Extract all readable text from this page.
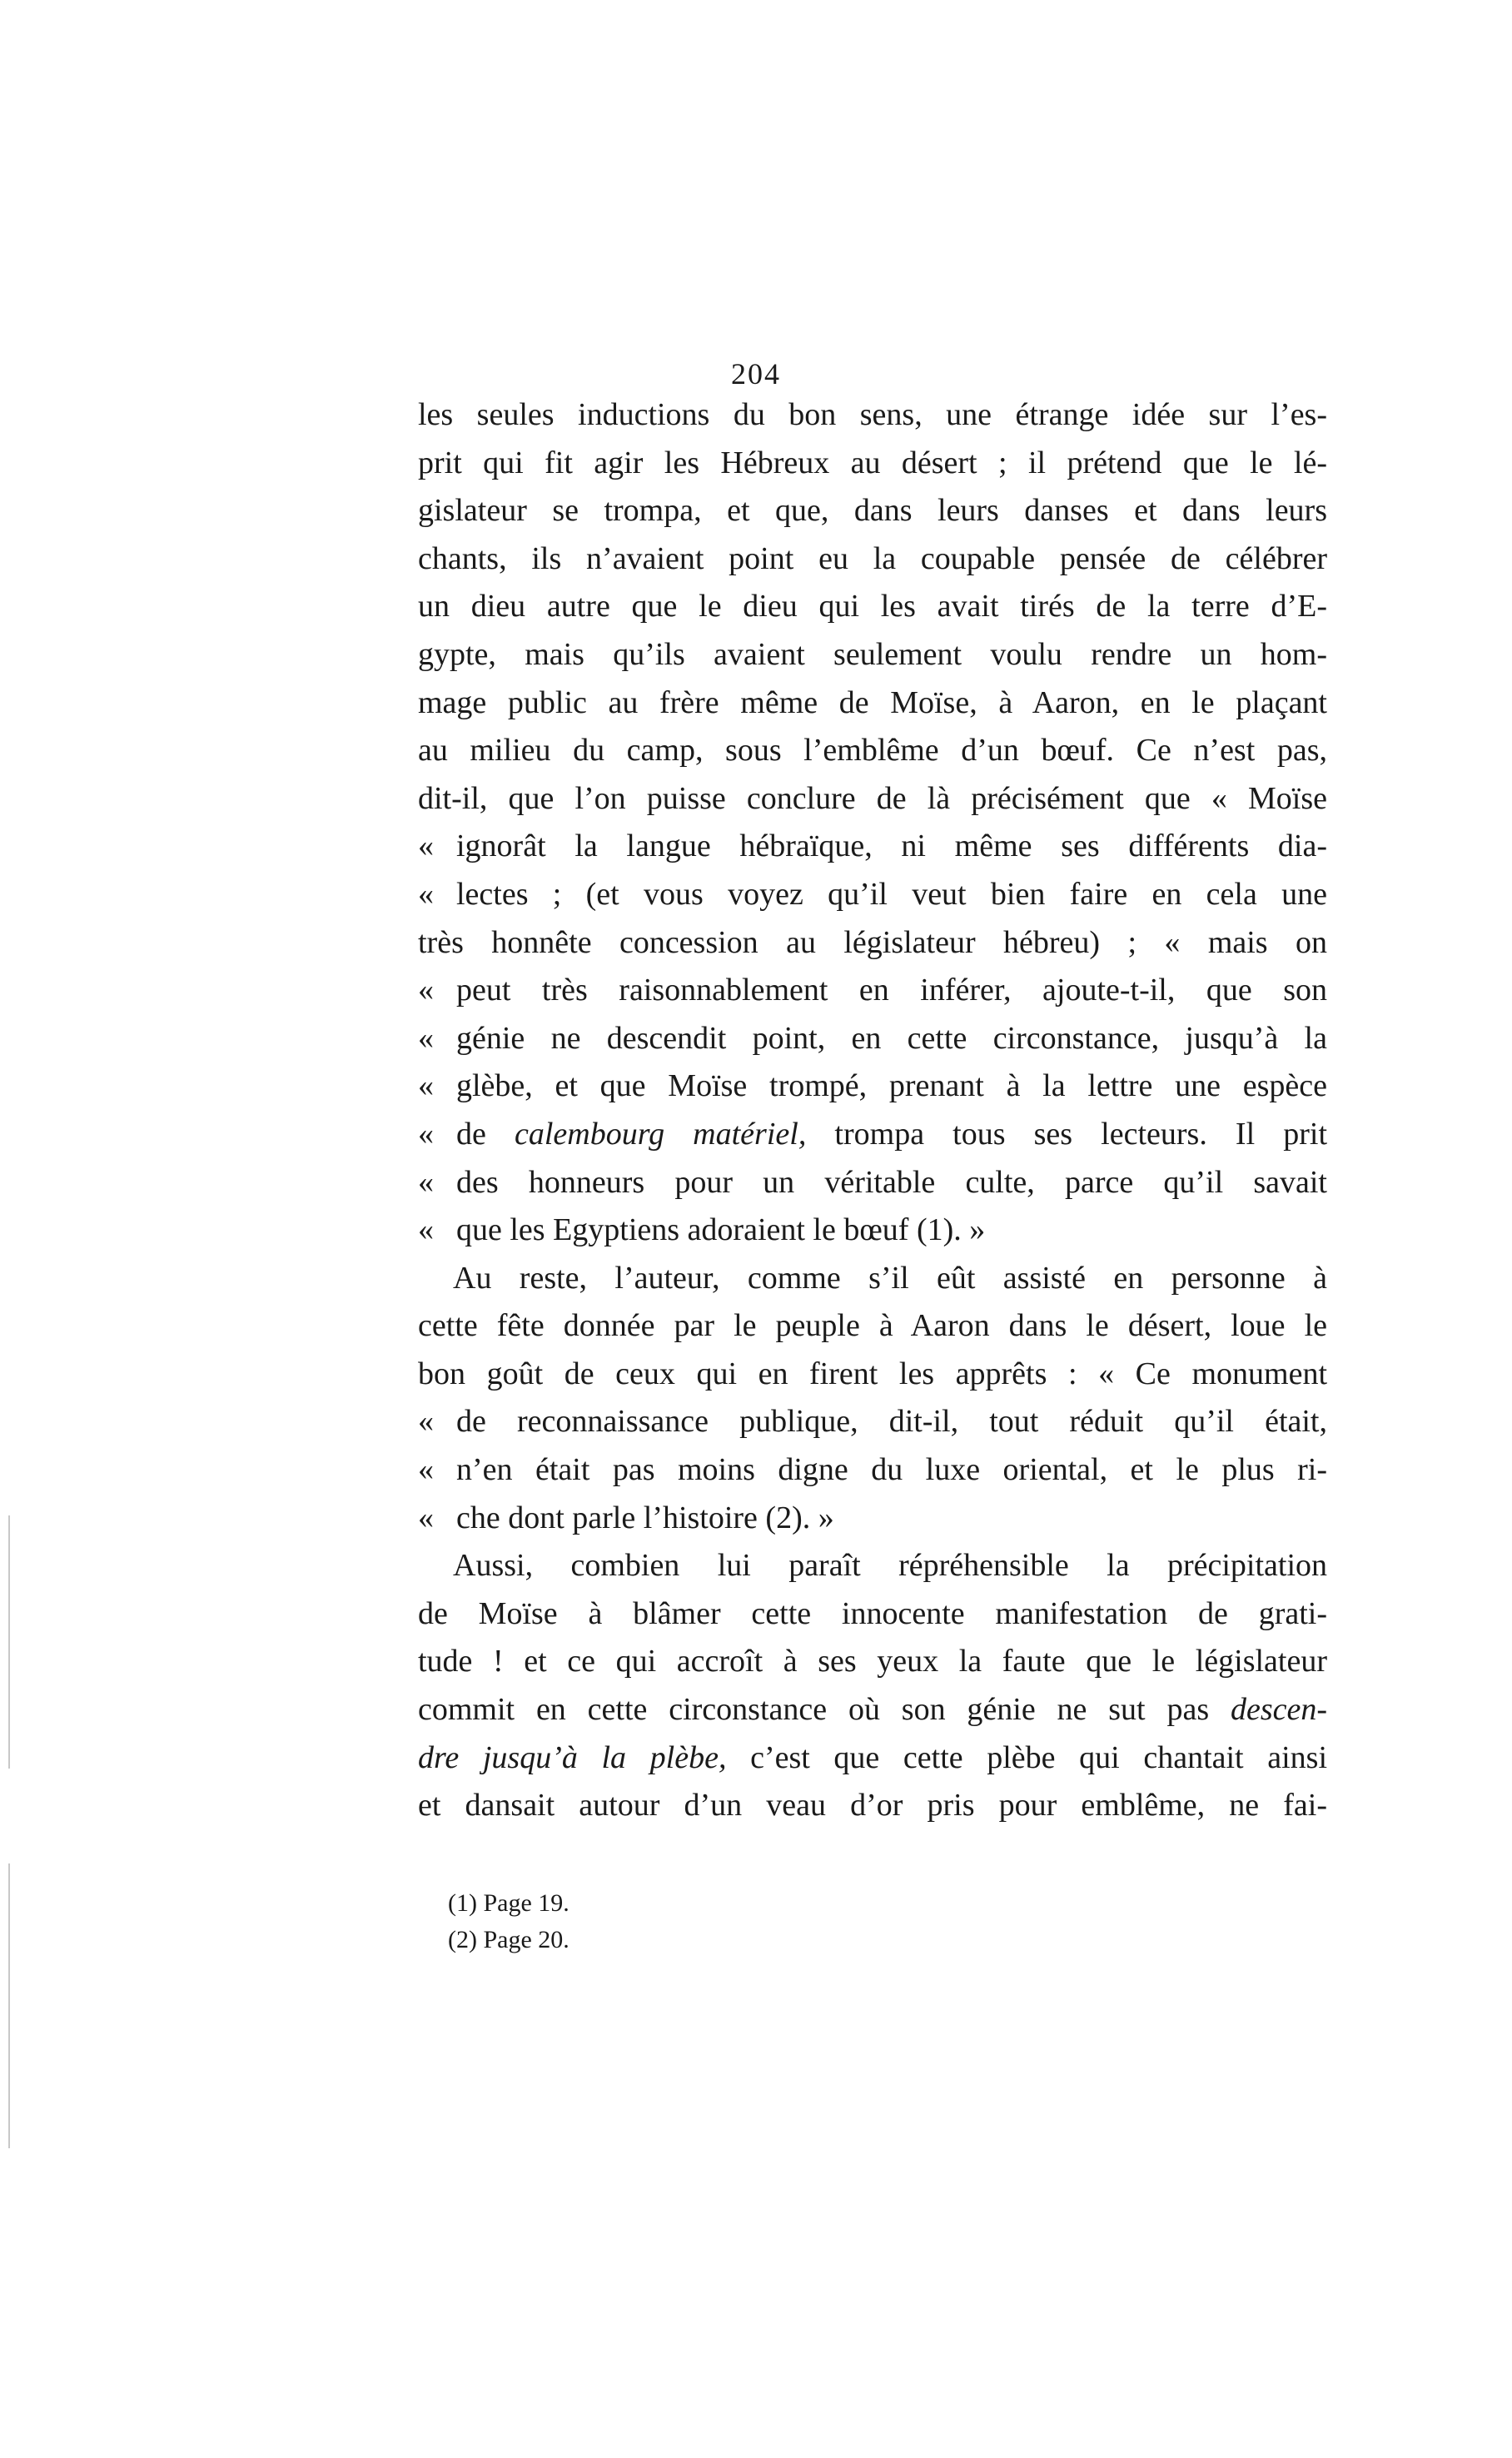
204
les seules inductions du bon sens, une étrange idée sur l’es-
prit qui fit agir les Hébreux au désert ; il prétend que le lé-
gislateur se trompa, et que, dans leurs danses et dans leurs
chants, ils n’avaient point eu la coupable pensée de célébrer
un dieu autre que le dieu qui les avait tirés de la terre d’E-
gypte, mais qu’ils avaient seulement voulu rendre un hom-
mage public au frère même de Moïse, à Aaron, en le plaçant
au milieu du camp, sous l’emblême d’un bœuf. Ce n’est pas,
dit-il, que l’on puisse conclure de là précisément que « Moïse
« ignorât la langue hébraïque, ni même ses différents dia-
« lectes ; (et vous voyez qu’il veut bien faire en cela une
très honnête concession au législateur hébreu) ; « mais on
« peut très raisonnablement en inférer, ajoute-t-il, que son
« génie ne descendit point, en cette circonstance, jusqu’à la
« glèbe, et que Moïse trompé, prenant à la lettre une espèce
« de calembourg matériel, trompa tous ses lecteurs. Il prit
« des honneurs pour un véritable culte, parce qu’il savait
« que les Egyptiens adoraient le bœuf (1). »
Au reste, l’auteur, comme s’il eût assisté en personne à
cette fête donnée par le peuple à Aaron dans le désert, loue le
bon goût de ceux qui en firent les apprêts : « Ce monument
« de reconnaissance publique, dit-il, tout réduit qu’il était,
« n’en était pas moins digne du luxe oriental, et le plus ri-
« che dont parle l’histoire (2). »
Aussi, combien lui paraît répréhensible la précipitation
de Moïse à blâmer cette innocente manifestation de grati-
tude ! et ce qui accroît à ses yeux la faute que le législateur
commit en cette circonstance où son génie ne sut pas descen-
dre jusqu’à la plèbe, c’est que cette plèbe qui chantait ainsi
et dansait autour d’un veau d’or pris pour emblême, ne fai-
(1) Page 19.
(2) Page 20.
